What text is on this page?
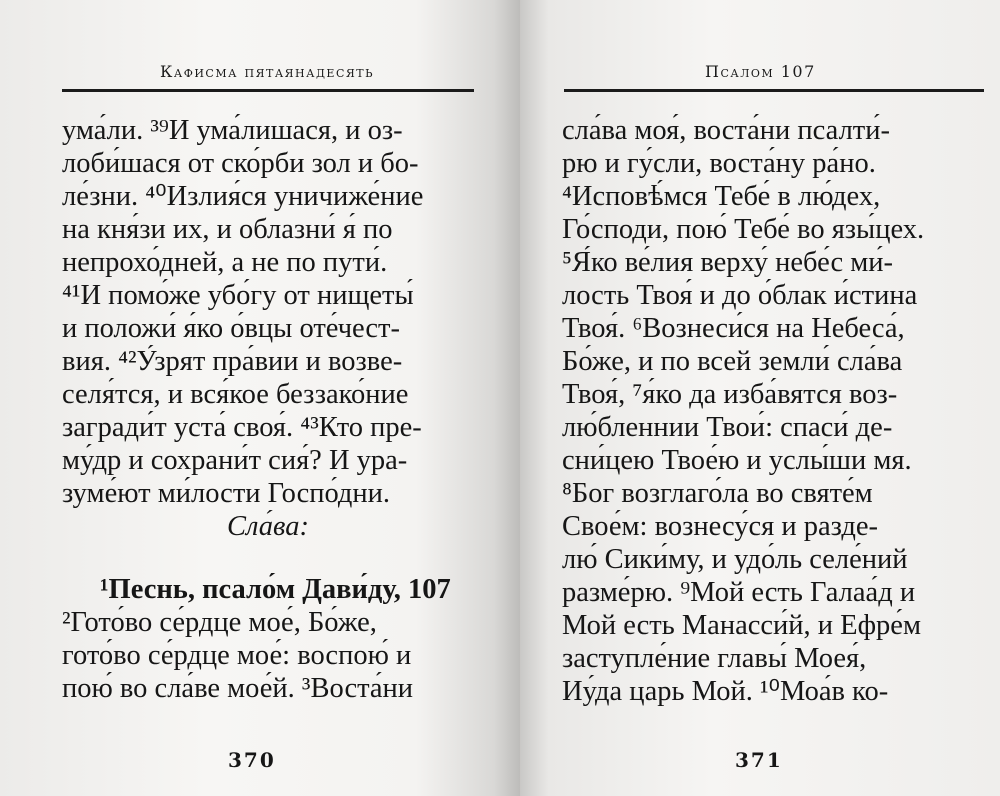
Кафисма пятаянадесять
ума́ли. ³⁹И ума́лишася, и оз-
лоби́шася от ско́рби зол и бо-
ле́зни. ⁴⁰Излия́ся уничиже́ние
на кня́зи их, и облазни́ я́ по
непрохо́дней, а не по пути́.
⁴¹И помо́же убо́гу от нищеты́
и положи́ я́ко о́вцы оте́чест-
вия. ⁴²У́зрят пра́вии и возве-
селя́тся, и вся́кое беззако́ние
загради́т уста́ своя́. ⁴³Кто пре-
му́др и сохрани́т сия́? И ура-
зуме́ют ми́лости Госпо́дни.
Сла́ва:
¹Песнь, псало́м Дави́ду, 107
²Гото́во се́рдце мое́, Бо́же,
гото́во се́рдце мое́: воспою́ и
пою́ во сла́ве мое́й. ³Воста́ни
370
Псалом 107
сла́ва моя́, воста́ни псалти́-
рю и гу́сли, воста́ну ра́но.
⁴Исповѣ́мся Тебе́ в лю́дех,
Го́споди, пою́ Тебе́ во язы́цех.
⁵Я́ко ве́лия верху́ небе́с ми́-
лость Твоя́ и до о́блак и́стина
Твоя́. ⁶Вознеси́ся на Небеса́,
Бо́же, и по всей земли́ сла́ва
Твоя́, ⁷я́ко да изба́вятся воз-
лю́бленнии Твои́: спаси́ де-
сни́цею Твое́ю и услы́ши мя.
⁸Бог возглаго́ла во святе́м
Свое́м: вознесу́ся и разде-
лю́ Сики́му, и удо́ль селе́ний
разме́рю. ⁹Мой есть Галаа́д и
Мой есть Манасси́й, и Ефре́м
заступле́ние главы́ Моея́,
Иу́да царь Мой. ¹⁰Моа́в ко-
371
